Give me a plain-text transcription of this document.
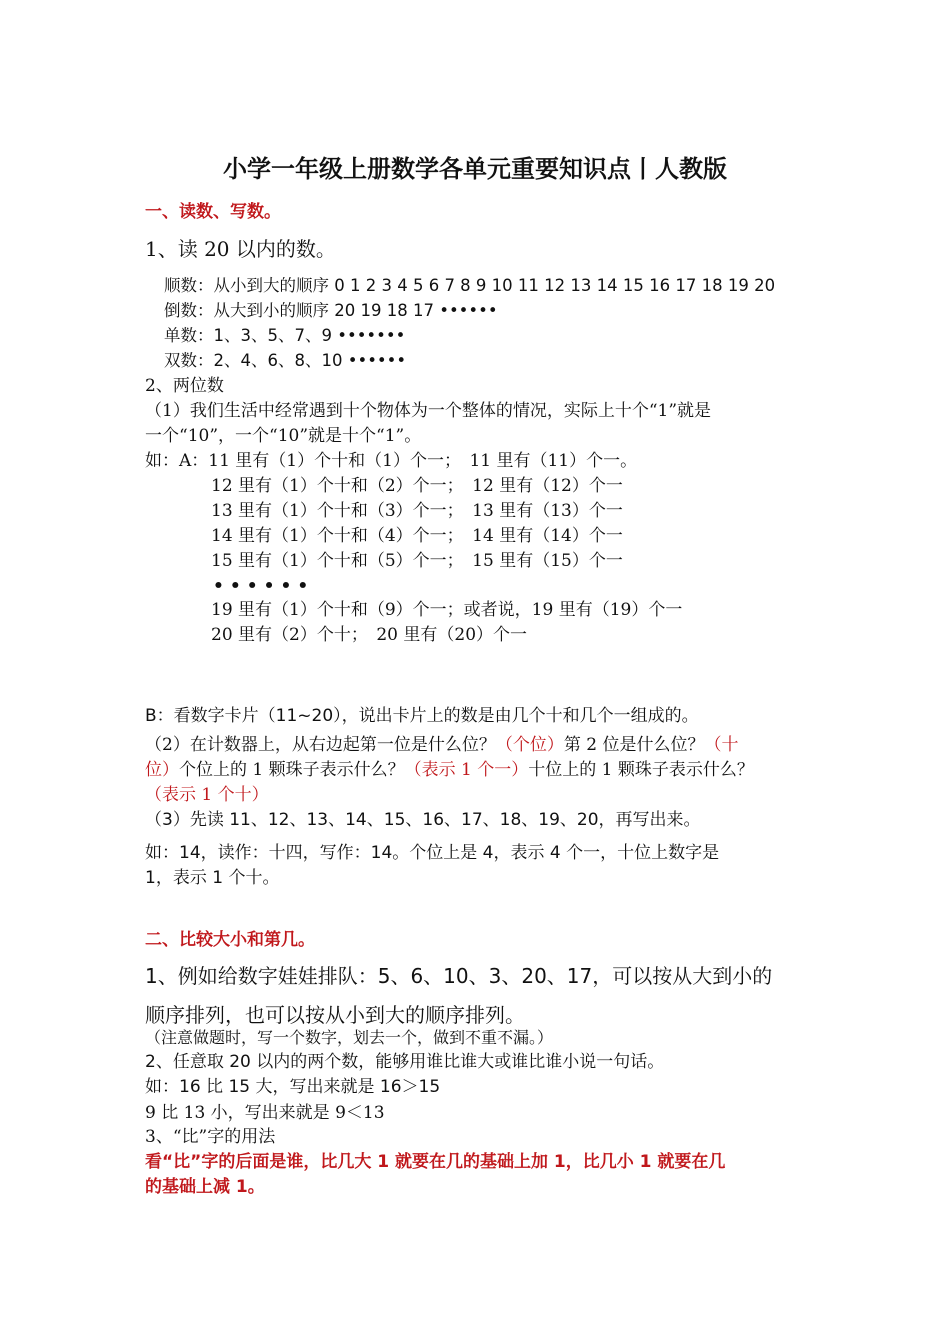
小学一年级上册数学各单元重要知识点丨人教版
一、读数、写数。
1、读 20 以内的数。
顺数：从小到大的顺序 0 1 2 3 4 5 6 7 8 9 10 11 12 13 14 15 16 17 18 19 20
倒数：从大到小的顺序 20 19 18 17 ••••••
单数：1、3、5、7、9 •••••••
双数：2、4、6、8、10 ••••••
2、两位数
（1）我们生活中经常遇到十个物体为一个整体的情况，实际上十个“1”就是
一个“10”，一个“10”就是十个“1”。
如：A：11 里有（1）个十和（1）个一；　11 里有（11）个一。
12 里有（1）个十和（2）个一；　12 里有（12）个一
13 里有（1）个十和（3）个一；　13 里有（13）个一
14 里有（1）个十和（4）个一；　14 里有（14）个一
15 里有（1）个十和（5）个一；　15 里有（15）个一
••••••
19 里有（1）个十和（9）个一；或者说，19 里有（19）个一
20 里有（2）个十；　20 里有（20）个一
B：看数字卡片（11~20），说出卡片上的数是由几个十和几个一组成的。
（2）在计数器上，从右边起第一位是什么位？（个位）第 2 位是什么位？（十
位）个位上的 1 颗珠子表示什么？（表示 1 个一）十位上的 1 颗珠子表示什么？
（表示 1 个十）
（3）先读 11、12、13、14、15、16、17、18、19、20，再写出来。
如：14，读作：十四，写作：14。个位上是 4，表示 4 个一，十位上数字是
1，表示 1 个十。
二、比较大小和第几。
1、例如给数字娃娃排队：5、6、10、3、20、17，可以按从大到小的
顺序排列，也可以按从小到大的顺序排列。
（注意做题时，写一个数字，划去一个，做到不重不漏。）
2、任意取 20 以内的两个数，能够用谁比谁大或谁比谁小说一句话。
如：16 比 15 大，写出来就是 16＞15
9 比 13 小，写出来就是 9＜13
3、“比”字的用法
看“比”字的后面是谁，比几大 1 就要在几的基础上加 1，比几小 1 就要在几
的基础上减 1。
